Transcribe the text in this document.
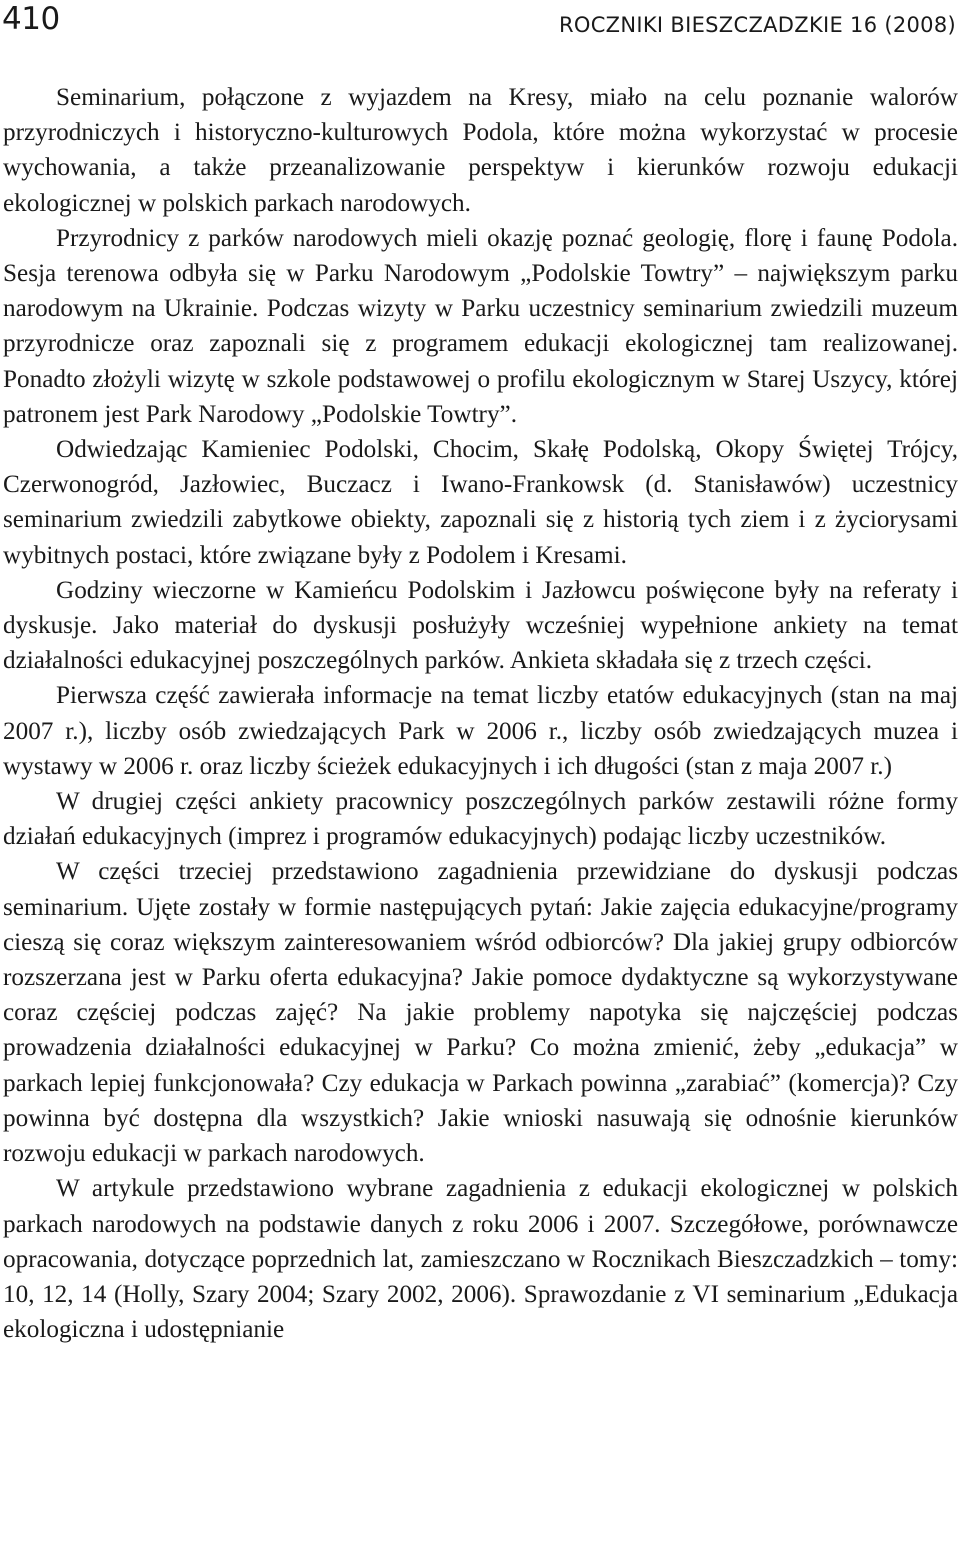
410	ROCZNIKI BIESZCZADZKIE 16 (2008)

Seminarium, połączone z wyjazdem na Kresy, miało na celu poznanie walorów przyrodniczych i historyczno-kulturowych Podola, które można wykorzystać w procesie wychowania, a także przeanalizowanie perspektyw i kierunków rozwoju edukacji ekologicznej w polskich parkach narodowych.

Przyrodnicy z parków narodowych mieli okazję poznać geologię, florę i faunę Podola. Sesja terenowa odbyła się w Parku Narodowym „Podolskie Towtry” – największym parku narodowym na Ukrainie. Podczas wizyty w Parku uczestnicy seminarium zwiedzili muzeum przyrodnicze oraz zapoznali się z programem edukacji ekologicznej tam realizowanej. Ponadto złożyli wizytę w szkole podstawowej o profilu ekologicznym w Starej Uszycy, której patronem jest Park Narodowy „Podolskie Towtry”.

Odwiedzając Kamieniec Podolski, Chocim, Skałę Podolską, Okopy Świętej Trójcy, Czerwonogród, Jazłowiec, Buczacz i Iwano-Frankowsk (d. Stanisławów) uczestnicy seminarium zwiedzili zabytkowe obiekty, zapoznali się z historią tych ziem i z życiorysami wybitnych postaci, które związane były z Podolem i Kresami.

Godziny wieczorne w Kamieńcu Podolskim i Jazłowcu poświęcone były na referaty i dyskusje. Jako materiał do dyskusji posłużyły wcześniej wypełnione ankiety na temat działalności edukacyjnej poszczególnych parków. Ankieta składała się z trzech części.

Pierwsza część zawierała informacje na temat liczby etatów edukacyjnych (stan na maj 2007 r.), liczby osób zwiedzających Park w 2006 r., liczby osób zwiedzających muzea i wystawy w 2006 r. oraz liczby ścieżek edukacyjnych i ich długości (stan z maja 2007 r.)

W drugiej części ankiety pracownicy poszczególnych parków zestawili różne formy działań edukacyjnych (imprez i programów edukacyjnych) podając liczby uczestników.

W części trzeciej przedstawiono zagadnienia przewidziane do dyskusji podczas seminarium. Ujęte zostały w formie następujących pytań: Jakie zajęcia edukacyjne/programy cieszą się coraz większym zainteresowaniem wśród odbiorców? Dla jakiej grupy odbiorców rozszerzana jest w Parku oferta edukacyjna? Jakie pomoce dydaktyczne są wykorzystywane coraz częściej podczas zajęć? Na jakie problemy napotyka się najczęściej podczas prowadzenia działalności edukacyjnej w Parku? Co można zmienić, żeby „edukacja” w parkach lepiej funkcjonowała? Czy edukacja w Parkach powinna „zarabiać” (komercja)? Czy powinna być dostępna dla wszystkich? Jakie wnioski nasuwają się odnośnie kierunków rozwoju edukacji w parkach narodowych.

W artykule przedstawiono wybrane zagadnienia z edukacji ekologicznej w polskich parkach narodowych na podstawie danych z roku 2006 i 2007. Szczegółowe, porównawcze opracowania, dotyczące poprzednich lat, zamieszczano w Rocznikach Bieszczadzkich – tomy: 10, 12, 14 (Holly, Szary 2004; Szary 2002, 2006). Sprawozdanie z VI seminarium „Edukacja ekologiczna i udostępnianie
